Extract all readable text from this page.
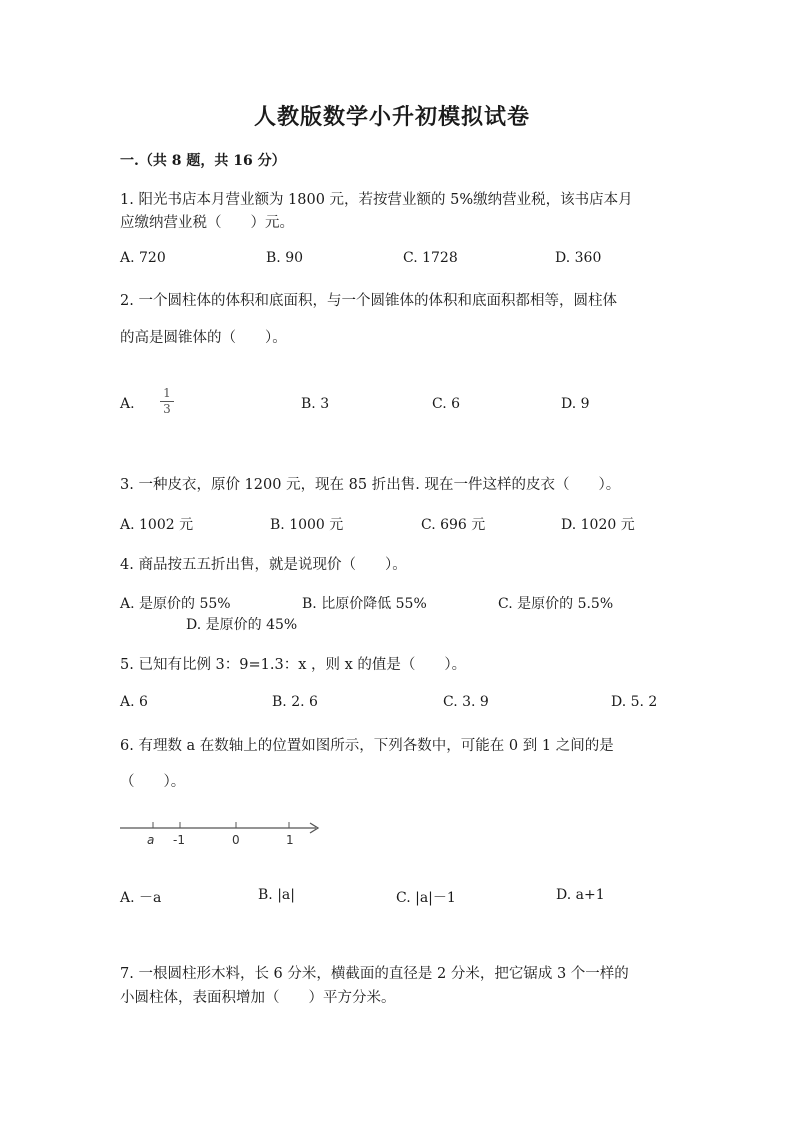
人教版数学小升初模拟试卷
一.（共 8 题，共 16 分）
1. 阳光书店本月营业额为 1800 元，若按营业额的 5%缴纳营业税，该书店本月
应缴纳营业税（　　）元。
A. 720	B. 90	C. 1728	D. 360
2. 一个圆柱体的体积和底面积，与一个圆锥体的体积和底面积都相等，圆柱体
的高是圆锥体的（　　）。
A.
1
3	B. 3	C. 6	D. 9
3. 一种皮衣，原价 1200 元，现在 85 折出售. 现在一件这样的皮衣（　　）。
A. 1002 元	B. 1000 元	C. 696 元	D. 1020 元
4. 商品按五五折出售，就是说现价（　　）。
A. 是原价的 55%	B. 比原价降低 55%	C. 是原价的 5.5%
D. 是原价的 45%
5. 已知有比例 3：9=1.3：x ，则 x 的值是（　　）。
A. 6	B. 2. 6	C. 3. 9	D. 5. 2
6. 有理数 a 在数轴上的位置如图所示，下列各数中，可能在 0 到 1 之间的是
（　　）。
a -1	0	1
A. －a	B. |a|	C. |a|－1	D. a+1
7. 一根圆柱形木料，长 6 分米，横截面的直径是 2 分米，把它锯成 3 个一样的
小圆柱体，表面积增加（　　）平方分米。
